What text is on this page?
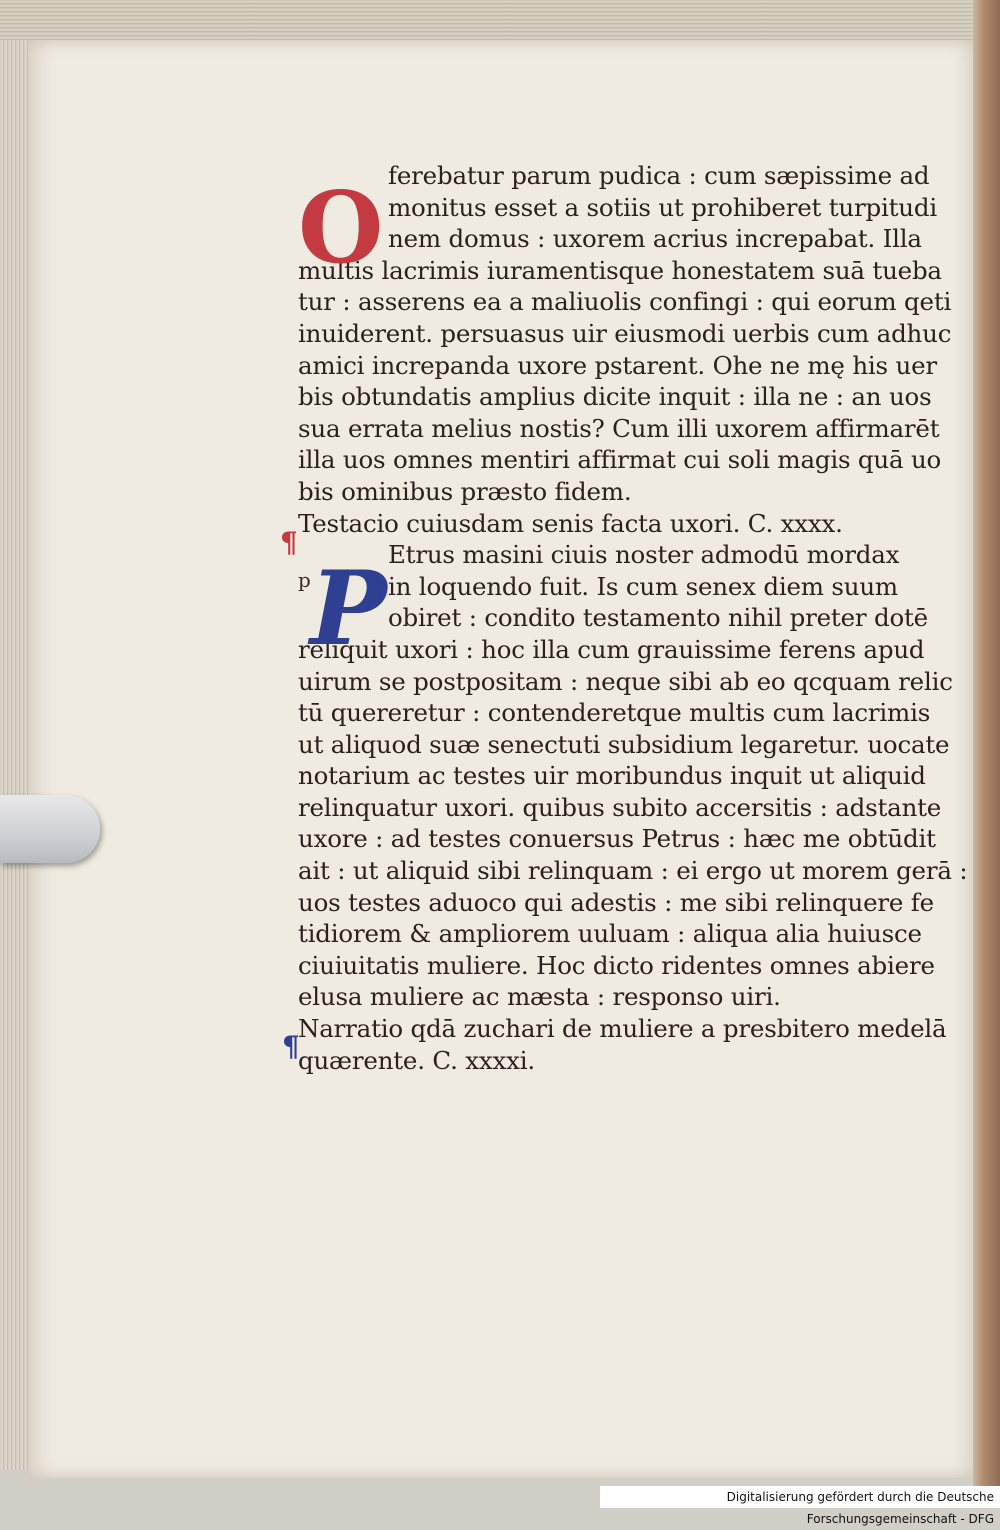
O
¶
p P
¶
ferebatur parum pudica : cum sæpissime ad
monitus esset a sotiis ut prohiberet turpitudi
nem domus : uxorem acrius increpabat. Illa
multis lacrimis iuramentisque honestatem suā tueba
tur : asserens ea a maliuolis confingi : qui eorum qeti
inuiderent. persuasus uir eiusmodi uerbis cum adhuc
amici increpanda uxore pstarent. Ohe ne mę his uer
bis obtundatis amplius dicite inquit : illa ne : an uos
sua errata melius nostis? Cum illi uxorem affirmarēt
illa uos omnes mentiri affirmat cui soli magis quā uo
bis ominibus præsto fidem.
Testacio cuiusdam senis facta uxori. C. xxxx.
Etrus masini ciuis noster admodū mordax
in loquendo fuit. Is cum senex diem suum
obiret : condito testamento nihil preter dotē
reliquit uxori : hoc illa cum grauissime ferens apud
uirum se postpositam : neque sibi ab eo qcquam relic
tū quereretur : contenderetque multis cum lacrimis
ut aliquod suæ senectuti subsidium legaretur. uocate
notarium ac testes uir moribundus inquit ut aliquid
relinquatur uxori. quibus subito accersitis : adstante
uxore : ad testes conuersus Petrus : hæc me obtūdit
ait : ut aliquid sibi relinquam : ei ergo ut morem gerā :
uos testes aduoco qui adestis : me sibi relinquere fe
tidiorem & ampliorem uuluam : aliqua alia huiusce
ciuiuitatis muliere. Hoc dicto ridentes omnes abiere
elusa muliere ac mæsta : responso uiri.
Narratio qdā zuchari de muliere a presbitero medelā
quærente. C. xxxxi.
Digitalisierung gefördert durch die Deutsche Forschungsgemeinschaft - DFG
